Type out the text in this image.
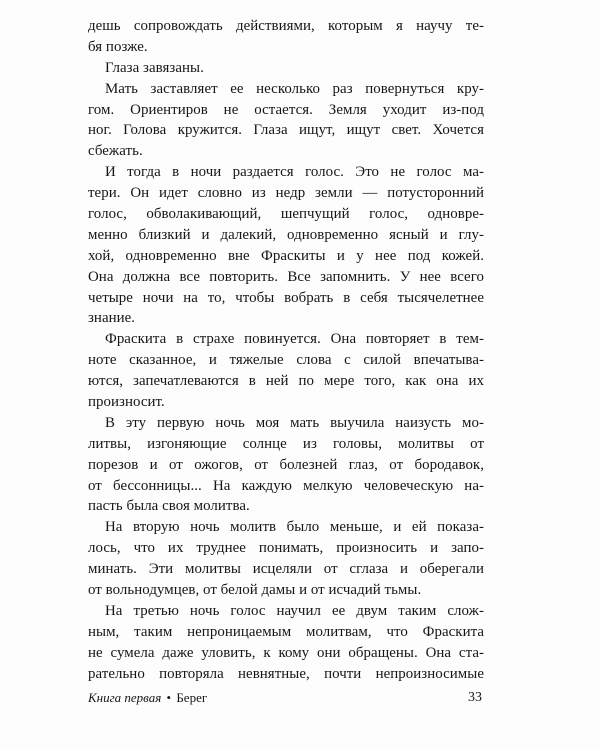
дешь сопровождать действиями, которым я научу те-
бя позже.
Глаза завязаны.
Мать заставляет ее несколько раз повернуться кру-
гом. Ориентиров не остается. Земля уходит из-под
ног. Голова кружится. Глаза ищут, ищут свет. Хочется
сбежать.
И тогда в ночи раздается голос. Это не голос ма-
тери. Он идет словно из недр земли — потусторонний
голос, обволакивающий, шепчущий голос, одновре-
менно близкий и далекий, одновременно ясный и глу-
хой, одновременно вне Фраскиты и у нее под кожей.
Она должна все повторить. Все запомнить. У нее всего
четыре ночи на то, чтобы вобрать в себя тысячелетнее
знание.
Фраскита в страхе повинуется. Она повторяет в тем-
ноте сказанное, и тяжелые слова с силой впечатыва-
ются, запечатлеваются в ней по мере того, как она их
произносит.
В эту первую ночь моя мать выучила наизусть мо-
литвы, изгоняющие солнце из головы, молитвы от
порезов и от ожогов, от болезней глаз, от бородавок,
от бессонницы... На каждую мелкую человеческую на-
пасть была своя молитва.
На вторую ночь молитв было меньше, и ей показа-
лось, что их труднее понимать, произносить и запо-
минать. Эти молитвы исцеляли от сглаза и оберегали
от вольнодумцев, от белой дамы и от исчадий тьмы.
На третью ночь голос научил ее двум таким слож-
ным, таким непроницаемым молитвам, что Фраскита
не сумела даже уловить, к кому они обращены. Она ста-
рательно повторяла невнятные, почти непроизносимые
Книга первая • Берег	33
